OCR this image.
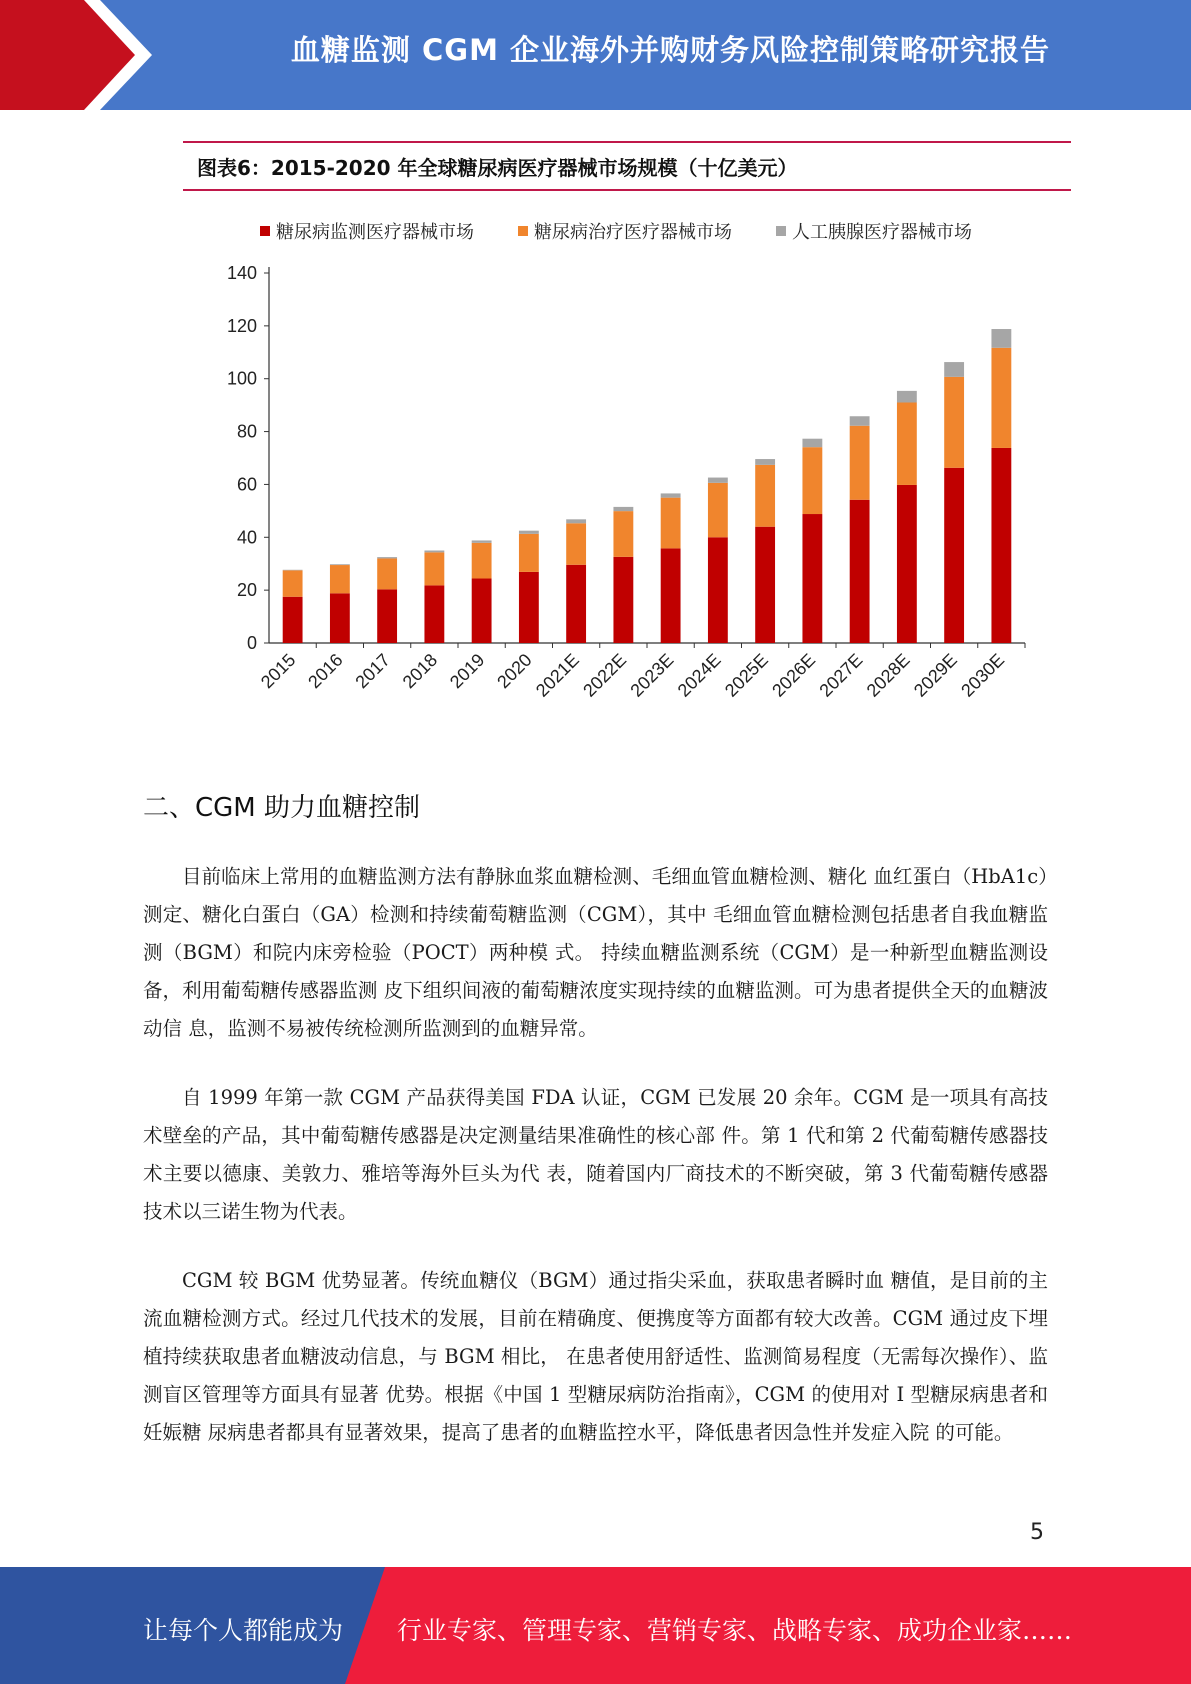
血糖监测 CGM 企业海外并购财务风险控制策略研究报告
图表6：2015-2020 年全球糖尿病医疗器械市场规模（十亿美元）
糖尿病监测医疗器械市场	糖尿病治疗医疗器械市场	人工胰腺医疗器械市场
0
20
40
60
80
100
120
140
2015 2016 2017 2018 2019 2020
2021E
2022E
2023E
2024E
2025E
2026E
2027E
2028E
2029E
2030E
二、CGM 助力血糖控制

目前临床上常用的血糖监测方法有静脉血浆血糖检测、毛细血管血糖检测、糖化 血红蛋白（HbA1c）测定、糖化白蛋白（GA）检测和持续葡萄糖监测（CGM），其中 毛细血管血糖检测包括患者自我血糖监测（BGM）和院内床旁检验（POCT）两种模 式。 持续血糖监测系统（CGM）是一种新型血糖监测设备，利用葡萄糖传感器监测 皮下组织间液的葡萄糖浓度实现持续的血糖监测。可为患者提供全天的血糖波动信 息，监测不易被传统检测所监测到的血糖异常。

自 1999 年第一款 CGM 产品获得美国 FDA 认证，CGM 已发展 20 余年。CGM 是一项具有高技术壁垒的产品，其中葡萄糖传感器是决定测量结果准确性的核心部 件。第 1 代和第 2 代葡萄糖传感器技术主要以德康、美敦力、雅培等海外巨头为代 表，随着国内厂商技术的不断突破，第 3 代葡萄糖传感器技术以三诺生物为代表。

CGM 较 BGM 优势显著。传统血糖仪（BGM）通过指尖采血，获取患者瞬时血 糖值，是目前的主流血糖检测方式。经过几代技术的发展，目前在精确度、便携度等方面都有较大改善。CGM 通过皮下埋植持续获取患者血糖波动信息，与 BGM 相比， 在患者使用舒适性、监测简易程度（无需每次操作）、监测盲区管理等方面具有显著 优势。根据《中国 1 型糖尿病防治指南》，CGM 的使用对 I 型糖尿病患者和妊娠糖 尿病患者都具有显著效果，提高了患者的血糖监控水平，降低患者因急性并发症入院 的可能。

5
让每个人都能成为 行业专家、管理专家、营销专家、战略专家、成功企业家……
